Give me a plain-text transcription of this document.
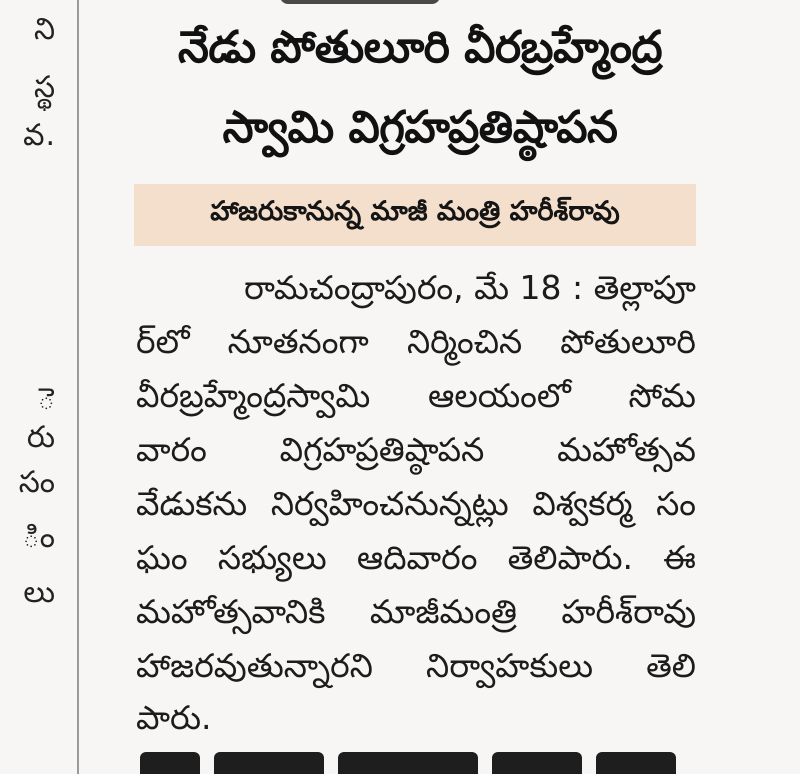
ని
స్థ
వ.
ె
రు
సం
ిం
లు
నేడు పోతులూరి వీరబ్రహ్మేంద్ర
స్వామి విగ్రహప్రతిష్ఠాపన
హాజరుకానున్న మాజీ మంత్రి హరీశ్‌రావు
రామచంద్రాపురం, మే 18 : తెల్లాపూ
ర్‌లో నూతనంగా నిర్మించిన పోతులూరి
వీరబ్రహ్మేంద్రస్వామి ఆలయంలో సోమ
వారం విగ్రహప్రతిష్ఠాపన మహోత్సవ
వేడుకను నిర్వహించనున్నట్లు విశ్వకర్మ సం
ఘం సభ్యులు ఆదివారం తెలిపారు. ఈ
మహోత్సవానికి మాజీమంత్రి హరీశ్‌రావు
హాజరవుతున్నారని నిర్వాహకులు తెలి
పారు.
